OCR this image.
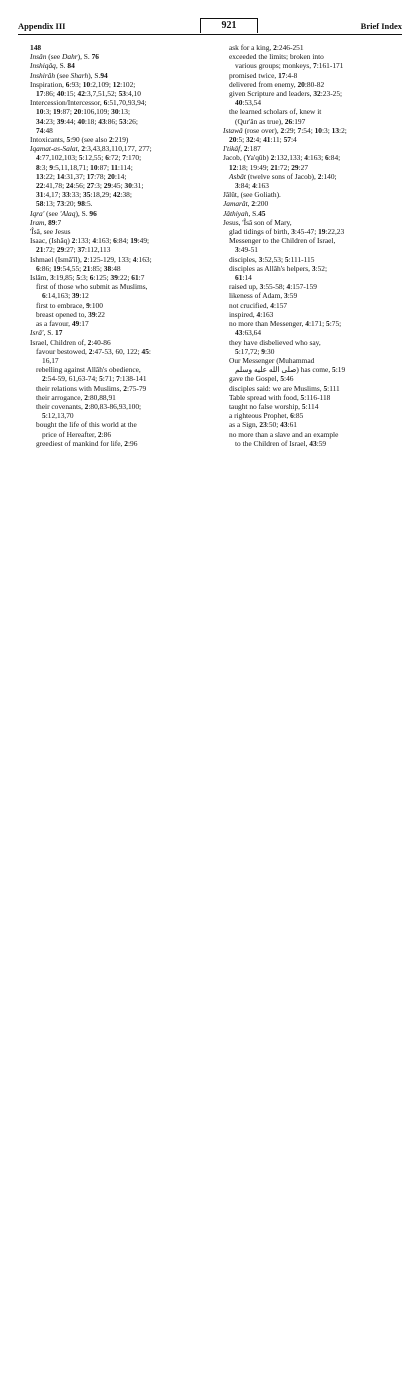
Appendix III	921	Brief Index
148
Insân (see Dahr), S. 76
Inshiqâq, S. 84
Inshirâh (see Sharh), S.94
Inspiration, 6:93; 10:2,109; 12:102;
17:86; 40:15; 42:3,7,51,52; 53:4,10
Intercession/Intercessor, 6:51,70,93,94;
10:3; 19:87; 20:106,109; 30:13;
34:23; 39:44; 40:18; 43:86; 53:26;
74:48
Intoxicants, 5:90 (see also 2:219)
Iqamat-as-Salat, 2:3,43,83,110,177, 277;
4:77,102,103; 5:12,55; 6:72; 7:170;
8:3; 9:5,11,18,71; 10:87; 11:114;
13:22; 14:31,37; 17:78; 20:14;
22:41,78; 24:56; 27:3; 29:45; 30:31;
31:4,17; 33:33; 35:18,29; 42:38;
58:13; 73:20; 98:5.
Iqra' (see 'Alaq), S. 96
Iram, 89:7
'Îsâ, see Jesus
Isaac, (Ishâq) 2:133; 4:163; 6:84; 19:49;
21:72; 29:27; 37:112,113
Ishmael (Ismâ'îl), 2:125-129, 133; 4:163;
6:86; 19:54,55; 21:85; 38:48
Islâm, 3:19,85; 5:3; 6:125; 39:22; 61:7
first of those who submit as Muslims,
6:14,163; 39:12
first to embrace, 9:100
breast opened to, 39:22
as a favour, 49:17
Isrâ', S. 17
Israel, Children of, 2:40-86
favour bestowed, 2:47-53, 60, 122; 45:
16,17
rebelling against Allâh's obedience,
2:54-59, 61,63-74; 5:71; 7:138-141
their relations with Muslims, 2:75-79
their arrogance, 2:80,88,91
their covenants, 2:80,83-86,93,100;
5:12,13,70
bought the life of this world at the
price of Hereafter, 2:86
greediest of mankind for life, 2:96
ask for a king, 2:246-251
exceeded the limits; broken into
various groups; monkeys, 7:161-171
promised twice, 17:4-8
delivered from enemy, 20:80-82
given Scripture and leaders, 32:23-25;
40:53,54
the learned scholars of, knew it
(Qur'ân as true), 26:197
Istawâ (rose over), 2:29; 7:54; 10:3; 13:2;
20:5; 32:4; 41:11; 57:4
I'tikâf, 2:187
Jacob, (Ya'qûb) 2:132,133; 4:163; 6:84;
12:18; 19:49; 21:72; 29:27
Asbât (twelve sons of Jacob), 2:140;
3:84; 4:163
Jâlût, (see Goliath).
Jamarât, 2:200
Jâthiyah, S.45
Jesus, 'Îsâ son of Mary,
glad tidings of birth, 3:45-47; 19:22,23
Messenger to the Children of Israel,
3:49-51
disciples, 3:52,53; 5:111-115
disciples as Allâh's helpers, 3:52;
61:14
raised up, 3:55-58; 4:157-159
likeness of Adam, 3:59
not crucified, 4:157
inspired, 4:163
no more than Messenger, 4:171; 5:75;
43:63,64
they have disbelieved who say,
5:17,72; 9:30
Our Messenger (Muhammad
صلى الله عليه وسلم) has come, 5:19
gave the Gospel, 5:46
disciples said: we are Muslims, 5:111
Table spread with food, 5:116-118
taught no false worship, 5:114
a righteous Prophet, 6:85
as a Sign, 23:50; 43:61
no more than a slave and an example
to the Children of Israel, 43:59
